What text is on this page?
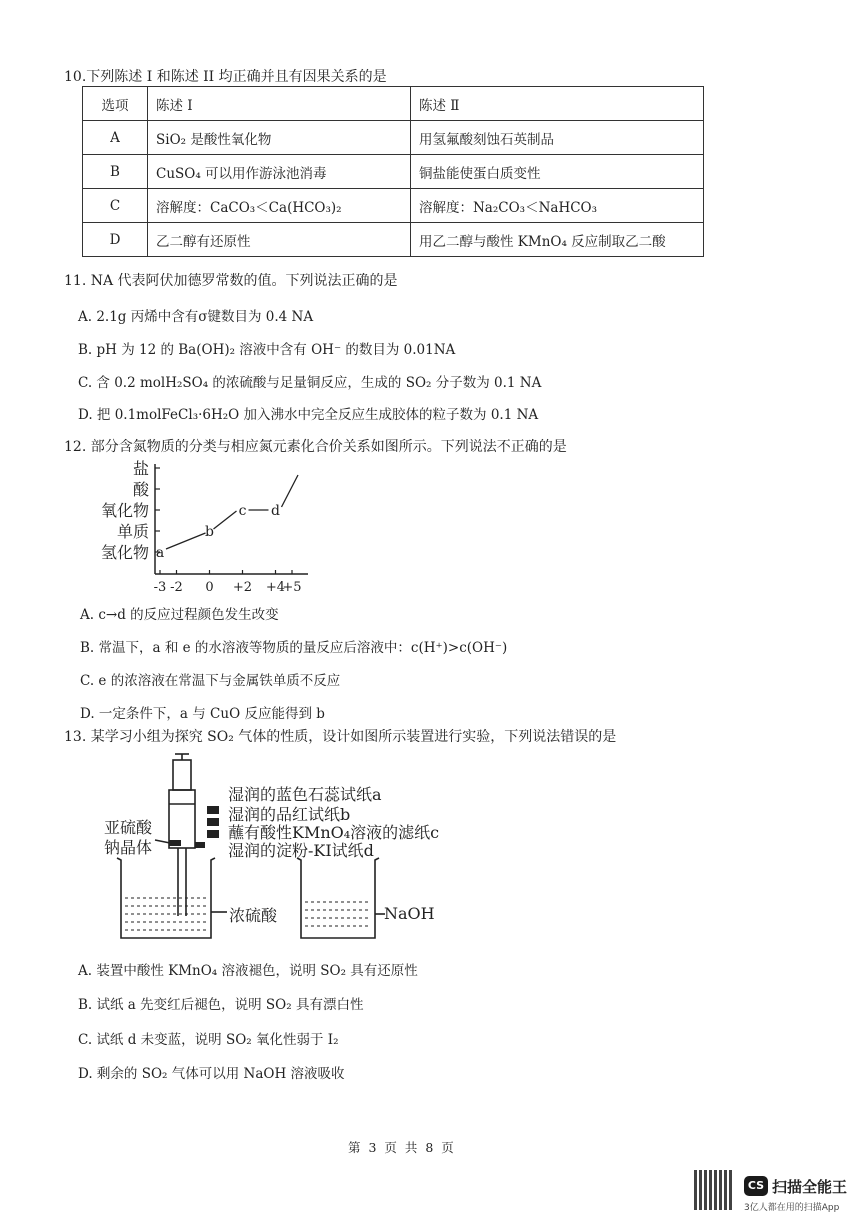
10.下列陈述 I 和陈述 II 均正确并且有因果关系的是
选项	陈述 I	陈述 Ⅱ
A	SiO₂ 是酸性氧化物	用氢氟酸刻蚀石英制品
B	CuSO₄ 可以用作游泳池消毒	铜盐能使蛋白质变性
C	溶解度：CaCO₃＜Ca(HCO₃)₂	溶解度：Na₂CO₃＜NaHCO₃
D	乙二醇有还原性	用乙二醇与酸性 KMnO₄ 反应制取乙二酸
11. NA 代表阿伏加德罗常数的值。下列说法正确的是
A. 2.1g 丙烯中含有σ键数目为 0.4 NA
B. pH 为 12 的 Ba(OH)₂ 溶液中含有 OH⁻ 的数目为 0.01NA
C. 含 0.2 molH₂SO₄ 的浓硫酸与足量铜反应，生成的 SO₂ 分子数为 0.1 NA
D. 把 0.1molFeCl₃·6H₂O 加入沸水中完全反应生成胶体的粒子数为 0.1 NA
12. 部分含氮物质的分类与相应氮元素化合价关系如图所示。下列说法不正确的是
氢化物
单质
氧化物
酸
盐
-3 -2 0 +2 +4
+5
a
b
c d
A. c→d 的反应过程颜色发生改变
B. 常温下，a 和 e 的水溶液等物质的量反应后溶液中：c(H⁺)>c(OH⁻)
C. e 的浓溶液在常温下与金属铁单质不反应
D. 一定条件下，a 与 CuO 反应能得到 b
13. 某学习小组为探究 SO₂ 气体的性质，设计如图所示装置进行实验，下列说法错误的是
湿润的蓝色石蕊试纸a
湿润的品红试纸b
蘸有酸性KMnO₄溶液的滤纸c
湿润的淀粉-KI试纸d
亚硫酸
钠晶体
浓硫酸	NaOH
A. 装置中酸性 KMnO₄ 溶液褪色，说明 SO₂ 具有还原性
B. 试纸 a 先变红后褪色，说明 SO₂ 具有漂白性
C. 试纸 d 未变蓝，说明 SO₂ 氧化性弱于 I₂
D. 剩余的 SO₂ 气体可以用 NaOH 溶液吸收
第 3 页 共 8 页
CS 扫描全能王
3亿人都在用的扫描App
